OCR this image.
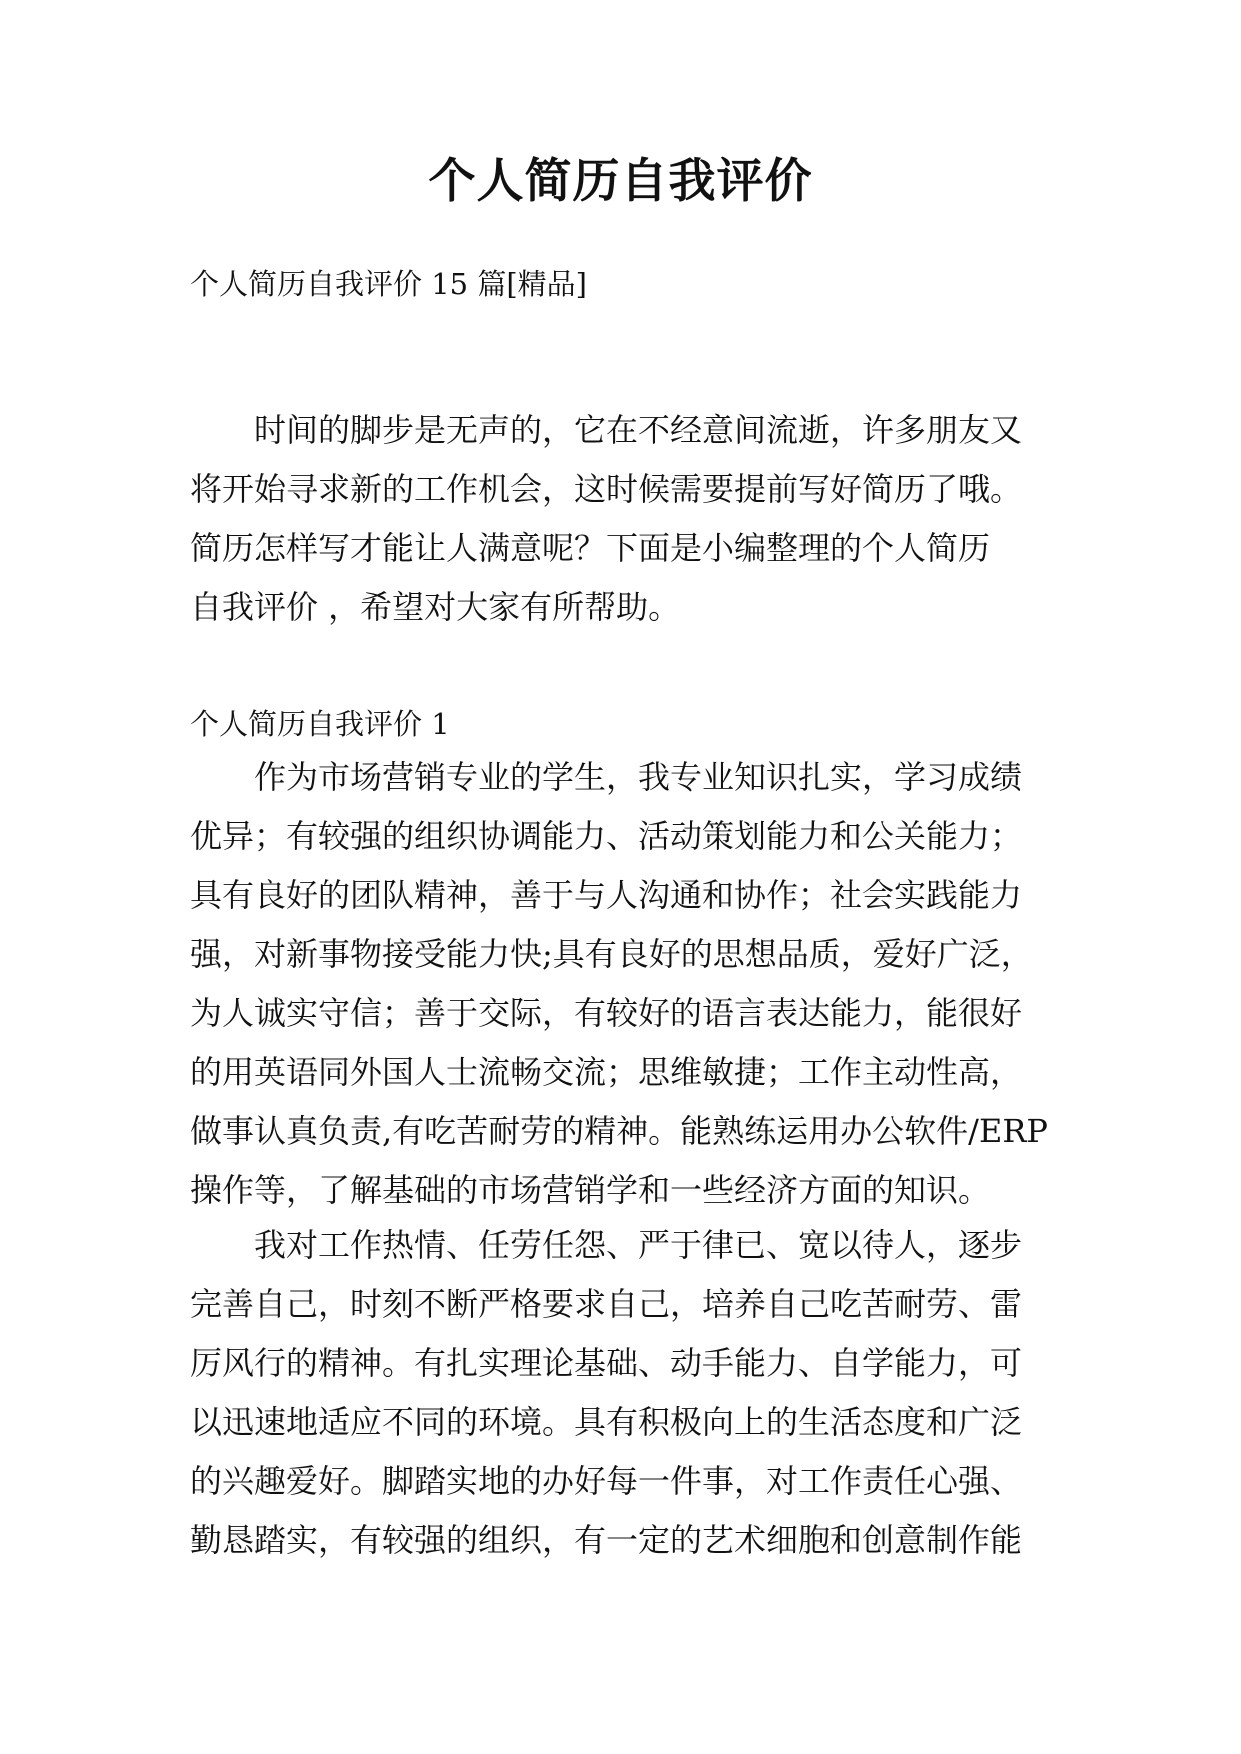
个人简历自我评价
个人简历自我评价 15 篇[精品]
　　时间的脚步是无声的，它在不经意间流逝，许多朋友又
将开始寻求新的工作机会，这时候需要提前写好简历了哦。
简历怎样写才能让人满意呢？下面是小编整理的个人简历
自我评价 ，希望对大家有所帮助。
个人简历自我评价 1
　　作为市场营销专业的学生，我专业知识扎实，学习成绩
优异；有较强的组织协调能力、活动策划能力和公关能力；
具有良好的团队精神，善于与人沟通和协作；社会实践能力
强，对新事物接受能力快;具有良好的思想品质，爱好广泛，
为人诚实守信；善于交际，有较好的语言表达能力，能很好
的用英语同外国人士流畅交流；思维敏捷；工作主动性高，
做事认真负责,有吃苦耐劳的精神。能熟练运用办公软件/ERP
操作等，了解基础的市场营销学和一些经济方面的知识。
　　我对工作热情、任劳任怨、严于律已、宽以待人，逐步
完善自己，时刻不断严格要求自己，培养自己吃苦耐劳、雷
厉风行的精神。有扎实理论基础、动手能力、自学能力，可
以迅速地适应不同的环境。具有积极向上的生活态度和广泛
的兴趣爱好。脚踏实地的办好每一件事，对工作责任心强、
勤恳踏实，有较强的组织，有一定的艺术细胞和创意制作能
